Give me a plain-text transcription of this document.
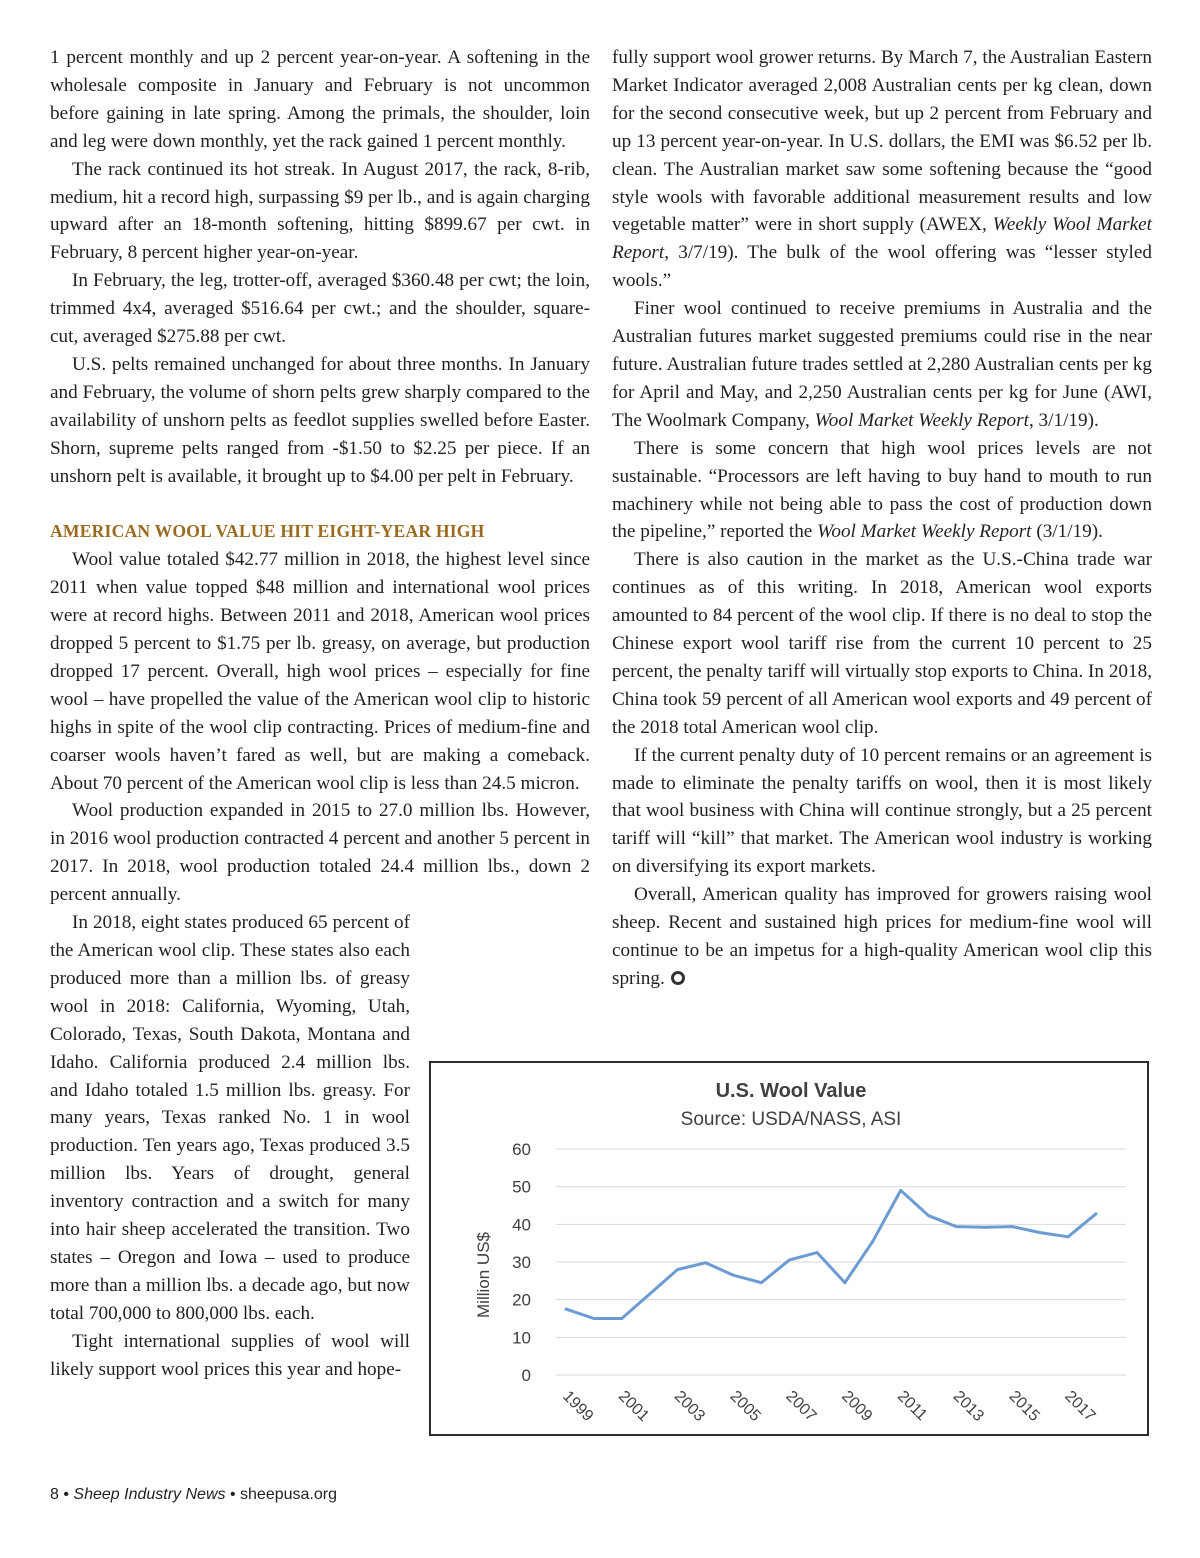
1 percent monthly and up 2 percent year-on-year. A softening in the wholesale composite in January and February is not uncommon before gaining in late spring. Among the primals, the shoulder, loin and leg were down monthly, yet the rack gained 1 percent monthly.

The rack continued its hot streak. In August 2017, the rack, 8-rib, medium, hit a record high, surpassing $9 per lb., and is again charging upward after an 18-month softening, hitting $899.67 per cwt. in February, 8 percent higher year-on-year.

In February, the leg, trotter-off, averaged $360.48 per cwt; the loin, trimmed 4x4, averaged $516.64 per cwt.; and the shoulder, square-cut, averaged $275.88 per cwt.

U.S. pelts remained unchanged for about three months. In January and February, the volume of shorn pelts grew sharply compared to the availability of unshorn pelts as feedlot supplies swelled before Easter. Shorn, supreme pelts ranged from -$1.50 to $2.25 per piece. If an unshorn pelt is available, it brought up to $4.00 per pelt in February.

AMERICAN WOOL VALUE HIT EIGHT-YEAR HIGH

Wool value totaled $42.77 million in 2018, the highest level since 2011 when value topped $48 million and international wool prices were at record highs. Between 2011 and 2018, American wool prices dropped 5 percent to $1.75 per lb. greasy, on average, but production dropped 17 percent. Overall, high wool prices – especially for fine wool – have propelled the value of the American wool clip to historic highs in spite of the wool clip contracting. Prices of medium-fine and coarser wools haven’t fared as well, but are making a comeback. About 70 percent of the American wool clip is less than 24.5 micron.

Wool production expanded in 2015 to 27.0 million lbs. However, in 2016 wool production contracted 4 percent and another 5 percent in 2017. In 2018, wool production totaled 24.4 million lbs., down 2 percent annually.

In 2018, eight states produced 65 percent of the American wool clip. These states also each produced more than a million lbs. of greasy wool in 2018: California, Wyoming, Utah, Colorado, Texas, South Dakota, Montana and Idaho. California produced 2.4 million lbs. and Idaho totaled 1.5 million lbs. greasy. For many years, Texas ranked No. 1 in wool production. Ten years ago, Texas produced 3.5 million lbs. Years of drought, general inventory contraction and a switch for many into hair sheep accelerated the transition. Two states – Oregon and Iowa – used to produce more than a million lbs. a decade ago, but now total 700,000 to 800,000 lbs. each.

Tight international supplies of wool will likely support wool prices this year and hope-

fully support wool grower returns. By March 7, the Australian Eastern Market Indicator averaged 2,008 Australian cents per kg clean, down for the second consecutive week, but up 2 percent from February and up 13 percent year-on-year. In U.S. dollars, the EMI was $6.52 per lb. clean. The Australian market saw some softening because the “good style wools with favorable additional measurement results and low vegetable matter” were in short supply (AWEX, Weekly Wool Market Report, 3/7/19). The bulk of the wool offering was “lesser styled wools.”

Finer wool continued to receive premiums in Australia and the Australian futures market suggested premiums could rise in the near future. Australian future trades settled at 2,280 Australian cents per kg for April and May, and 2,250 Australian cents per kg for June (AWI, The Woolmark Company, Wool Market Weekly Report, 3/1/19).

There is some concern that high wool prices levels are not sustainable. “Processors are left having to buy hand to mouth to run machinery while not being able to pass the cost of production down the pipeline,” reported the Wool Market Weekly Report (3/1/19).

There is also caution in the market as the U.S.-China trade war continues as of this writing. In 2018, American wool exports amounted to 84 percent of the wool clip. If there is no deal to stop the Chinese export wool tariff rise from the current 10 percent to 25 percent, the penalty tariff will virtually stop exports to China. In 2018, China took 59 percent of all American wool exports and 49 percent of the 2018 total American wool clip.

If the current penalty duty of 10 percent remains or an agreement is made to eliminate the penalty tariffs on wool, then it is most likely that wool business with China will continue strongly, but a 25 percent tariff will “kill” that market. The American wool industry is working on diversifying its export markets.

Overall, American quality has improved for growers raising wool sheep. Recent and sustained high prices for medium-fine wool will continue to be an impetus for a high-quality American wool clip this spring.

U.S. Wool Value
Source: USDA/NASS, ASI
Million US$
0
10
20
30
40
50
60
1999 2001 2003 2005 2007 2009 2011 2013 2015 2017
8 • Sheep Industry News • sheepusa.org
